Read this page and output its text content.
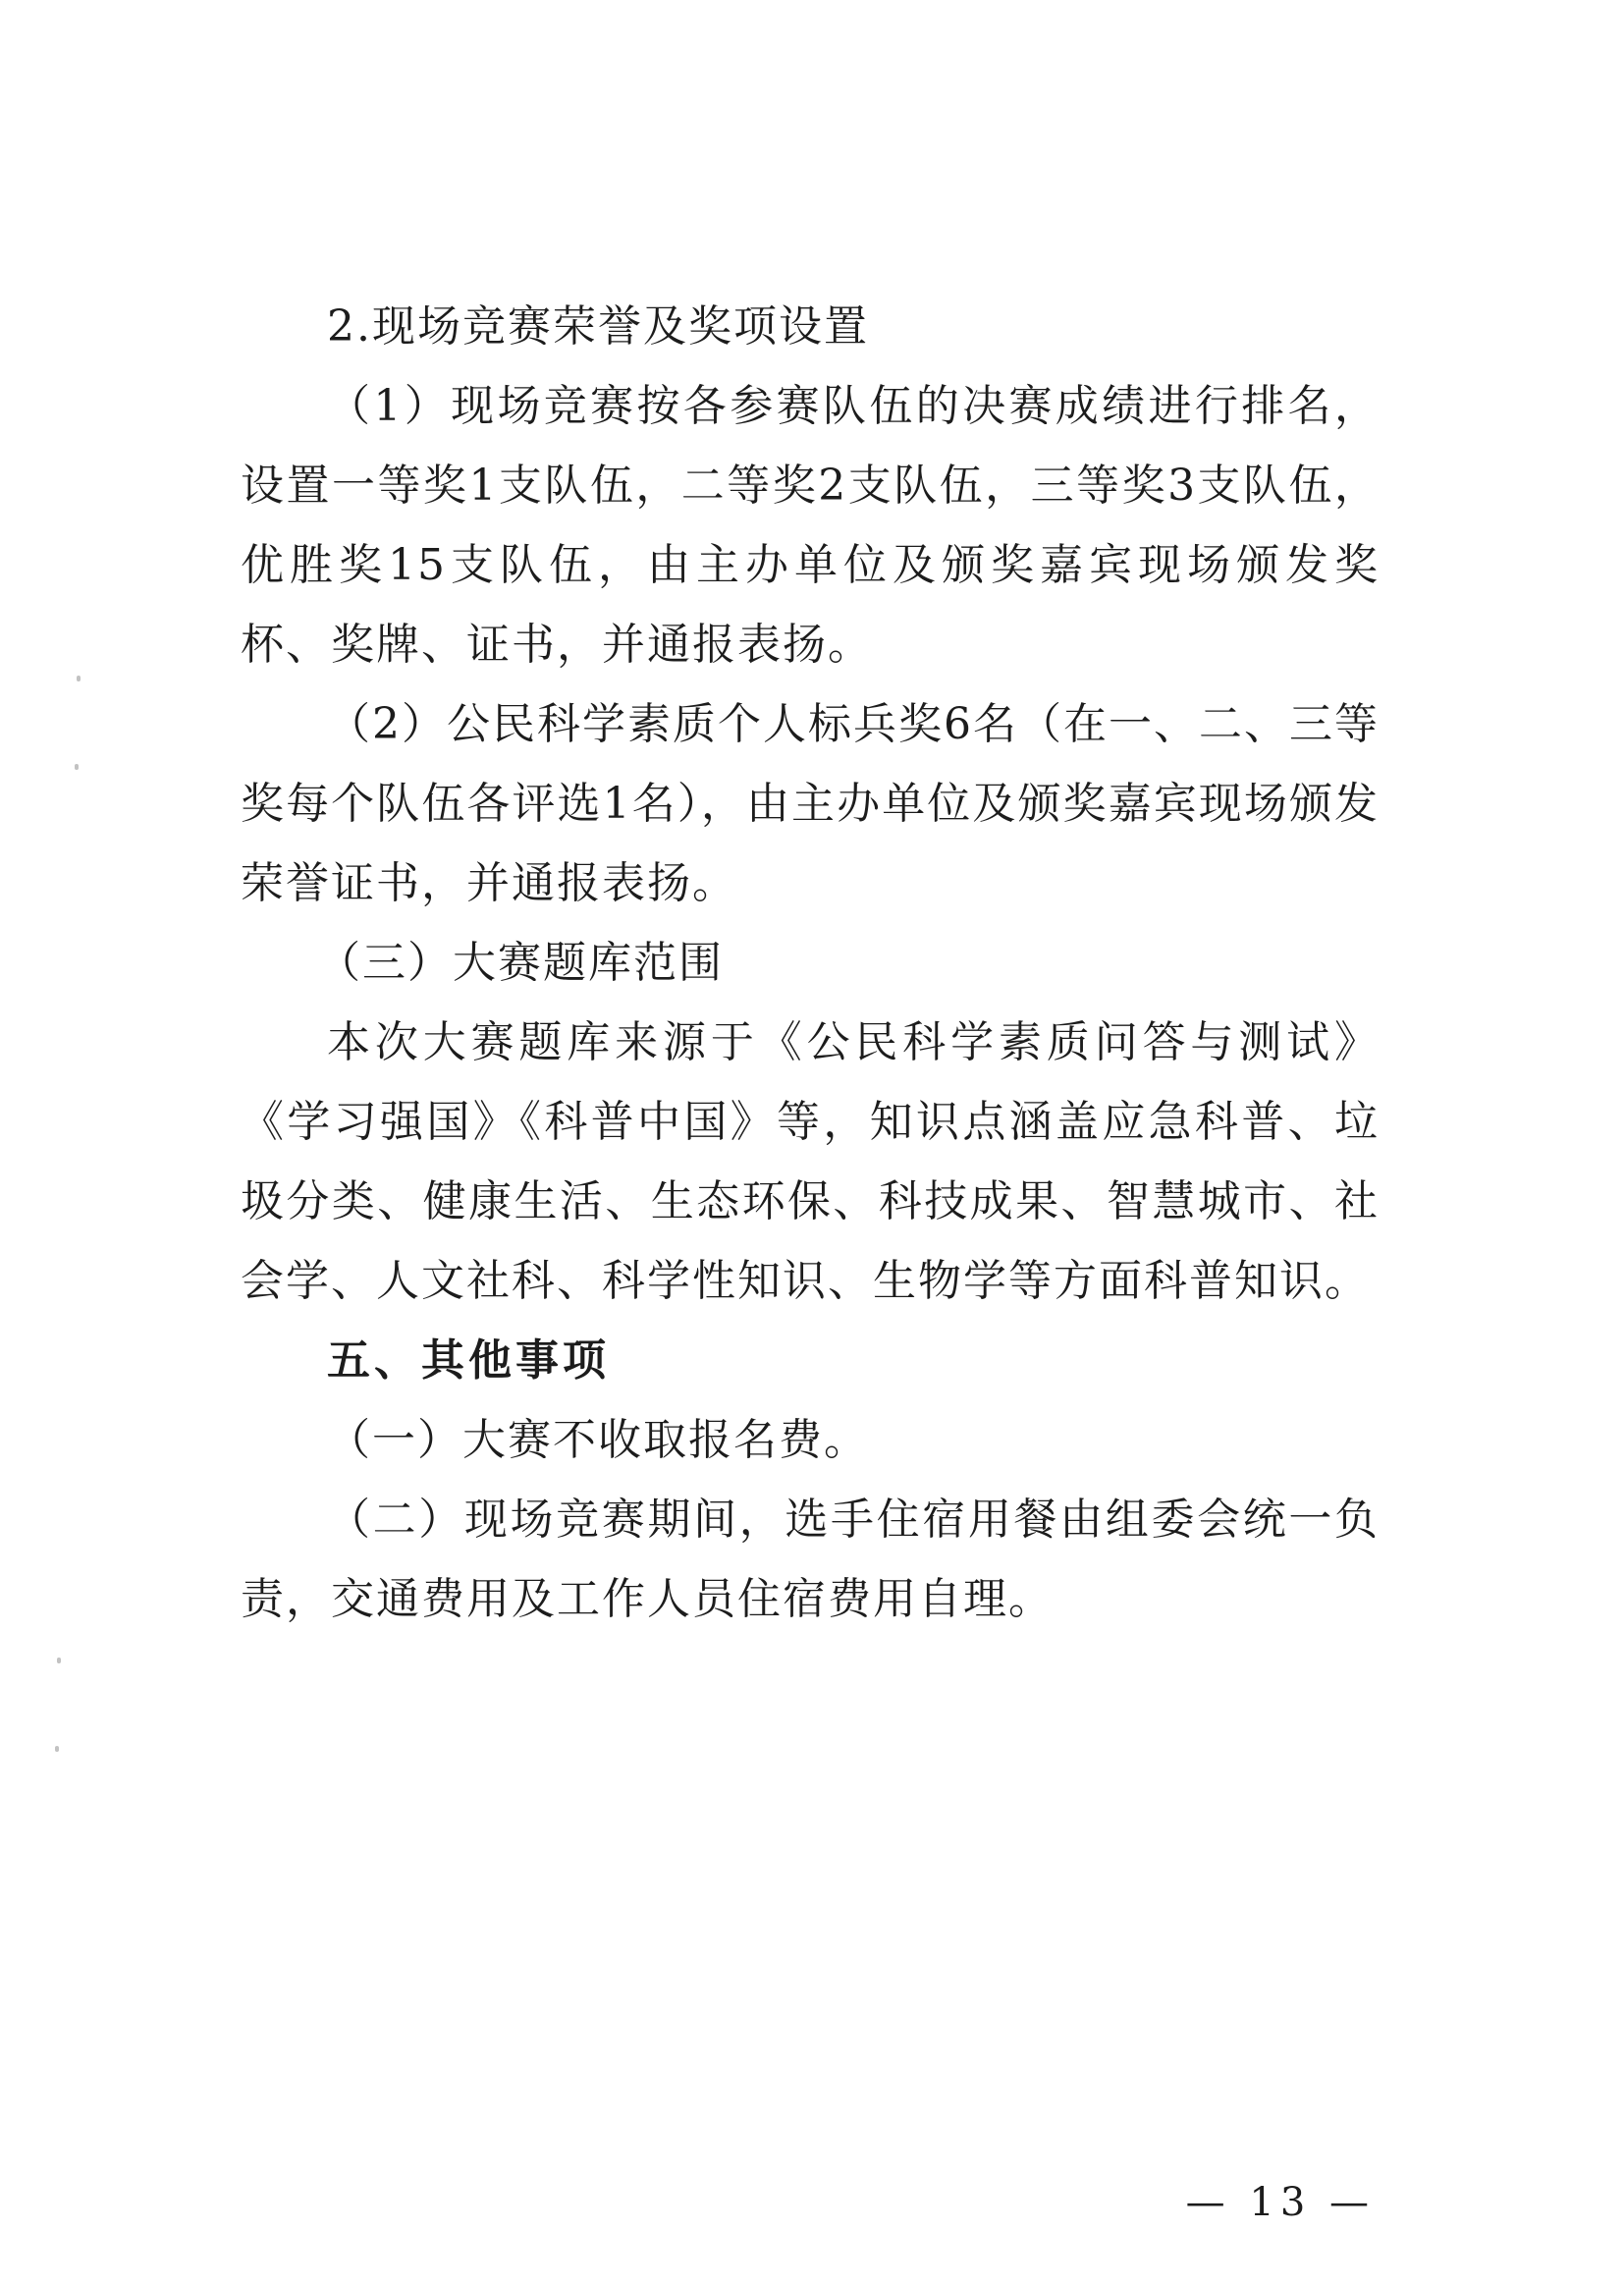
2.现场竞赛荣誉及奖项设置

（1）现场竞赛按各参赛队伍的决赛成绩进行排名，设置一等奖1支队伍，二等奖2支队伍，三等奖3支队伍，优胜奖15支队伍，由主办单位及颁奖嘉宾现场颁发奖杯、奖牌、证书，并通报表扬。

（2）公民科学素质个人标兵奖6名（在一、二、三等奖每个队伍各评选1名），由主办单位及颁奖嘉宾现场颁发荣誉证书，并通报表扬。

（三）大赛题库范围

本次大赛题库来源于《公民科学素质问答与测试》《学习强国》《科普中国》等，知识点涵盖应急科普、垃圾分类、健康生活、生态环保、科技成果、智慧城市、社会学、人文社科、科学性知识、生物学等方面科普知识。

五、其他事项

（一）大赛不收取报名费。

（二）现场竞赛期间，选手住宿用餐由组委会统一负责，交通费用及工作人员住宿费用自理。

— 13 —
